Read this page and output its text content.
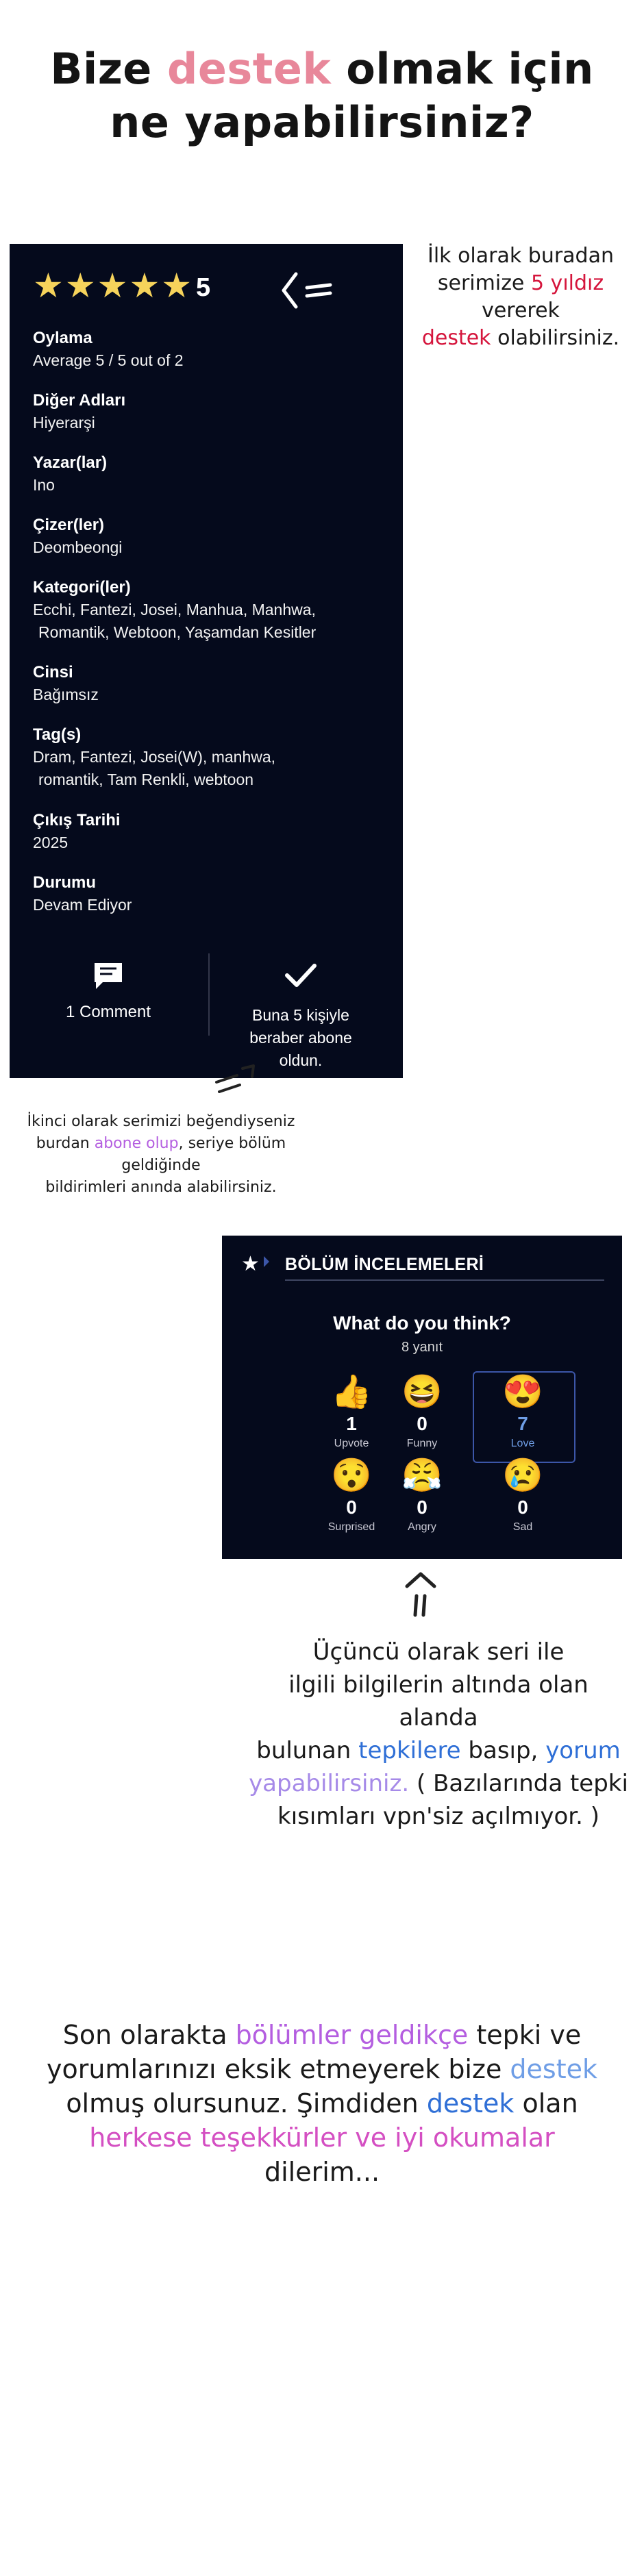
Bize destek olmak için
ne yapabilirsiniz?
★★★★★ 5
Oylama
Average 5 / 5 out of 2
Diğer Adları
Hiyerarşi
Yazar(lar)
Ino
Çizer(ler)
Deombeongi
Kategori(ler)
Ecchi, Fantezi, Josei, Manhua, Manhwa,
Romantik, Webtoon, Yaşamdan Kesitler
Cinsi
Bağımsız
Tag(s)
Dram, Fantezi, Josei(W), manhwa,
romantik, Tam Renkli, webtoon
Çıkış Tarihi
2025
Durumu
Devam Ediyor
1 Comment	Buna 5 kişiyle
beraber abone
oldun.
İlk olarak buradan
serimize 5 yıldız vererek
destek olabilirsiniz.
İkinci olarak serimizi beğendiyseniz
burdan abone olup, seriye bölüm geldiğinde
bildirimleri anında alabilirsiniz.
★ BÖLÜM İNCELEMELERİ
What do you think?
8 yanıt
👍
1
Upvote
😆
0
Funny
😍
7
Love
😯
0
Surprised
😤
0
Angry
😢
0
Sad
Üçüncü olarak seri ile
ilgili bilgilerin altında olan alanda
bulunan tepkilere basıp, yorum
yapabilirsiniz. ( Bazılarında tepki
kısımları vpn'siz açılmıyor. )
Son olarakta bölümler geldikçe tepki ve
yorumlarınızı eksik etmeyerek bize destek
olmuş olursunuz. Şimdiden destek olan
herkese teşekkürler ve iyi okumalar
dilerim...
